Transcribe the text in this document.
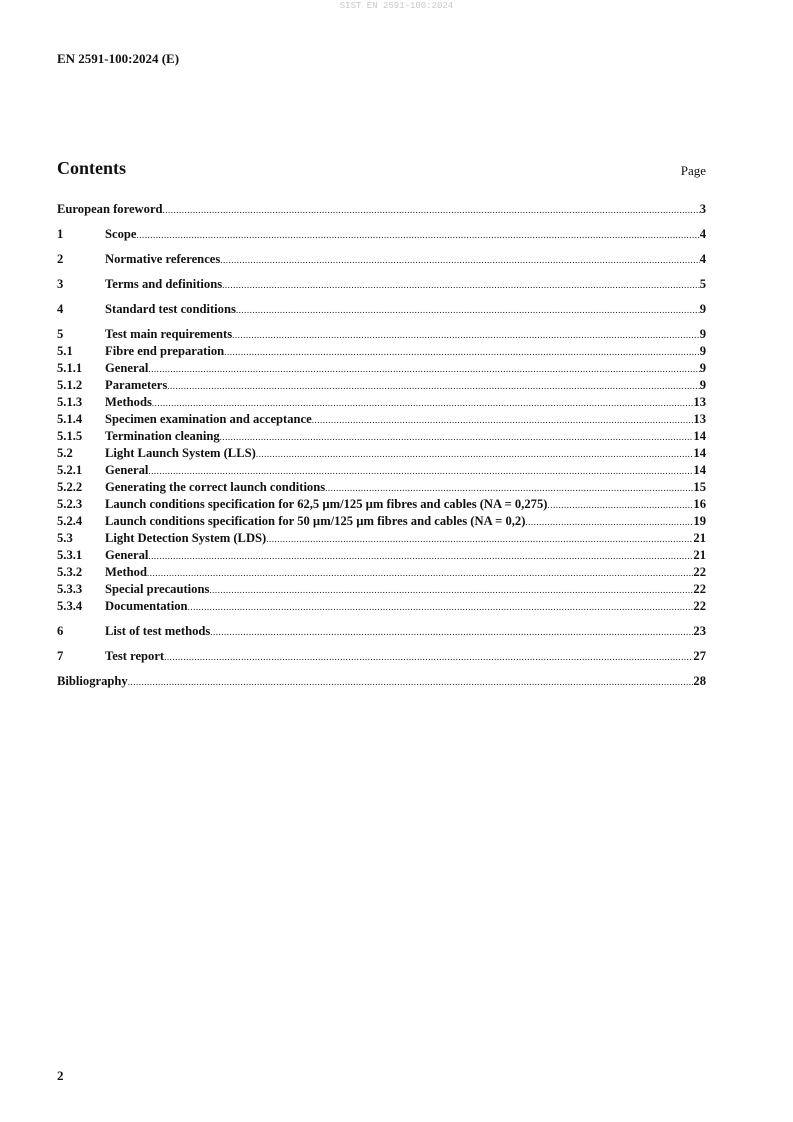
SIST EN 2591-100:2024
EN 2591-100:2024 (E)
Contents	Page
European foreword .....	3
1	Scope .....	4
2	Normative references .....	4
3	Terms and definitions .....	5
4	Standard test conditions .....	9
5	Test main requirements .....	9
5.1	Fibre end preparation .....	9
5.1.1	General .....	9
5.1.2	Parameters .....	9
5.1.3	Methods .....	13
5.1.4	Specimen examination and acceptance .....	13
5.1.5	Termination cleaning .....	14
5.2	Light Launch System (LLS) .....	14
5.2.1	General .....	14
5.2.2	Generating the correct launch conditions .....	15
5.2.3	Launch conditions specification for 62,5 µm/125 µm fibres and cables (NA = 0,275) .....	16
5.2.4	Launch conditions specification for 50 µm/125 µm fibres and cables (NA = 0,2) .....	19
5.3	Light Detection System (LDS) .....	21
5.3.1	General .....	21
5.3.2	Method .....	22
5.3.3	Special precautions .....	22
5.3.4	Documentation .....	22
6	List of test methods .....	23
7	Test report .....	27
Bibliography .....	28
2
